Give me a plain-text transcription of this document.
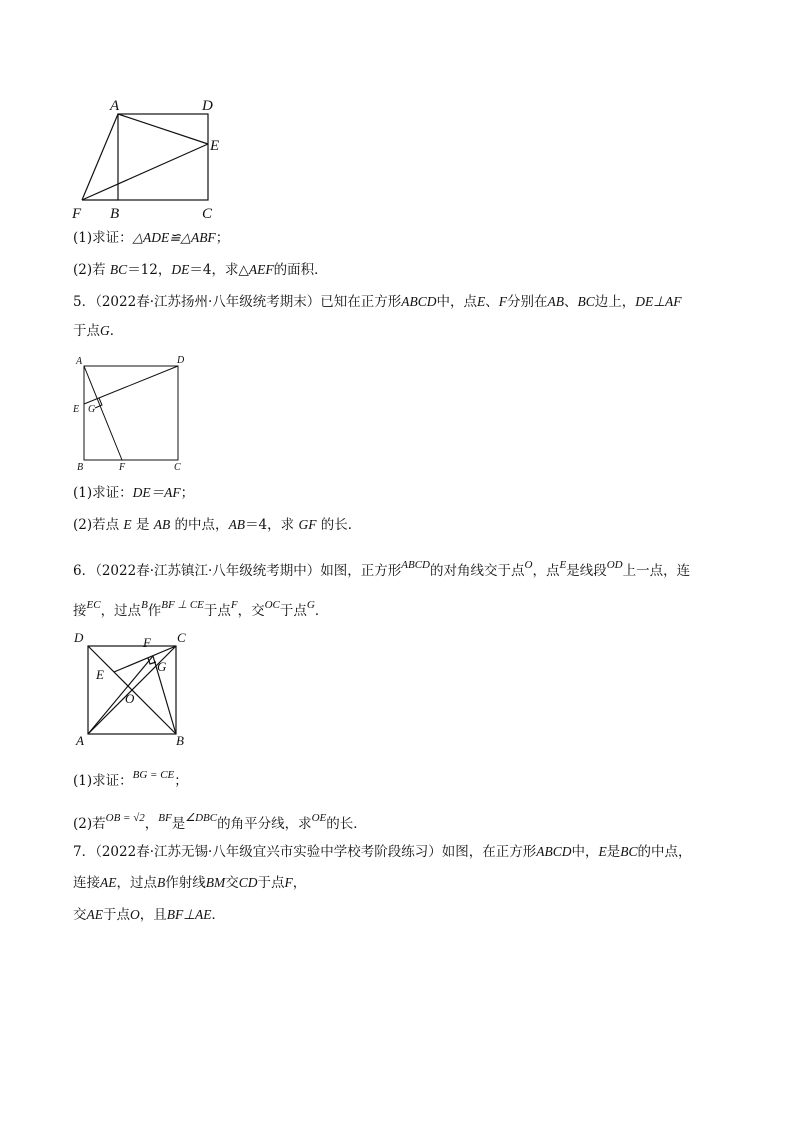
A	D
E
F B	C
(1)求证：△ADE≌△ABF；
(2)若 BC＝12，DE＝4，求△AEF的面积．
5．（2022春·江苏扬州·八年级统考期末）已知在正方形ABCD中，点E、F分别在AB、BC边上，DE⊥AF
于点G．
A	D
E G
B	F	C
(1)求证：DE＝AF；
(2)若点 E 是 AB 的中点，AB＝4，求 GF 的长．
6．（2022春·江苏镇江·八年级统考期中）如图，正方形$^{ABCD}$的对角线交于点$^O$，点$^E$是线段$^{OD}$上一点，连
接$^{EC}$，过点$^B$作$^{BF \perp CE}$于点$^F$，交$^{OC}$于点$^G$．
D	F C
E
G
O
A	B
(1)求证：$^{BG = CE}$；
(2)若$^{OB = √2}$，$^{BF}$是$^{\angle DBC}$的角平分线，求$^{OE}$的长．
7．（2022春·江苏无锡·八年级宜兴市实验中学校考阶段练习）如图，在正方形ABCD中，E是BC的中点，
连接AE，过点B作射线BM交CD于点F，
交AE于点O，且BF⊥AE．
